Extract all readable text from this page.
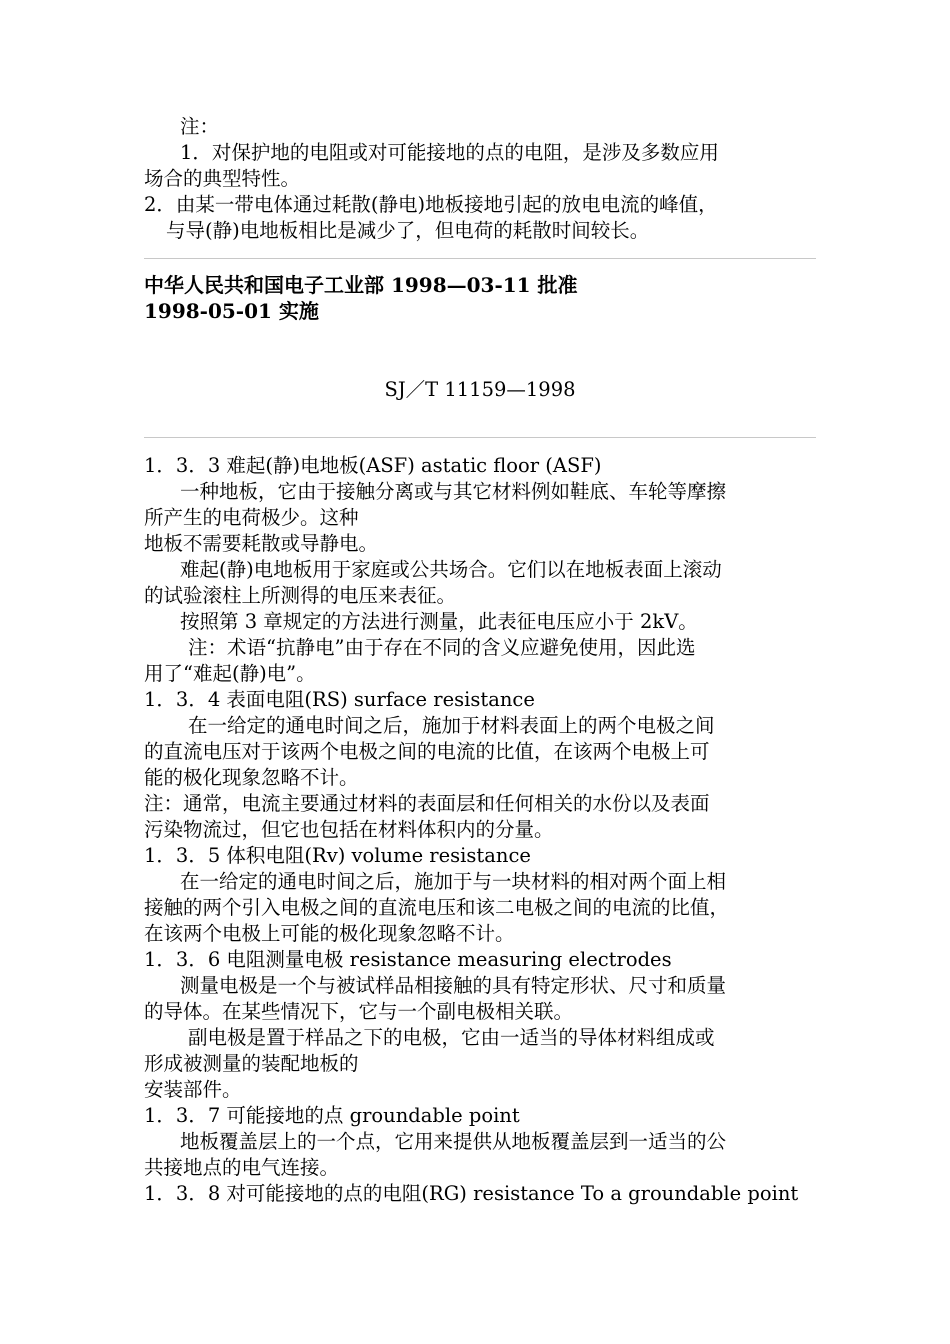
注：
1．对保护地的电阻或对可能接地的点的电阻，是涉及多数应用
场合的典型特性。
2．由某一带电体通过耗散(静电)地板接地引起的放电电流的峰值，
与导(静)电地板相比是减少了，但电荷的耗散时间较长。
中华人民共和国电子工业部 1998—03-11 批准
1998-05-01 实施
SJ／T 11159—1998
1．3．3 难起(静)电地板(ASF) astatic floor (ASF)
一种地板，它由于接触分离或与其它材料例如鞋底、车轮等摩擦
所产生的电荷极少。这种
地板不需要耗散或导静电。
难起(静)电地板用于家庭或公共场合。它们以在地板表面上滚动
的试验滚柱上所测得的电压来表征。
按照第 3 章规定的方法进行测量，此表征电压应小于 2kV。
注：术语“抗静电”由于存在不同的含义应避免使用，因此选
用了“难起(静)电”。
1．3．4 表面电阻(RS) surface resistance
在一给定的通电时间之后，施加于材料表面上的两个电极之间
的直流电压对于该两个电极之间的电流的比值，在该两个电极上可
能的极化现象忽略不计。
注：通常，电流主要通过材料的表面层和任何相关的水份以及表面
污染物流过，但它也包括在材料体积内的分量。
1．3．5 体积电阻(Rv) volume resistance
在一给定的通电时间之后，施加于与一块材料的相对两个面上相
接触的两个引入电极之间的直流电压和该二电极之间的电流的比值，
在该两个电极上可能的极化现象忽略不计。
1．3．6 电阻测量电极 resistance measuring electrodes
测量电极是一个与被试样品相接触的具有特定形状、尺寸和质量
的导体。在某些情况下，它与一个副电极相关联。
副电极是置于样品之下的电极，它由一适当的导体材料组成或
形成被测量的装配地板的
安装部件。
1．3．7 可能接地的点 groundable point
地板覆盖层上的一个点，它用来提供从地板覆盖层到一适当的公
共接地点的电气连接。
1．3．8 对可能接地的点的电阻(RG) resistance To a groundable point
